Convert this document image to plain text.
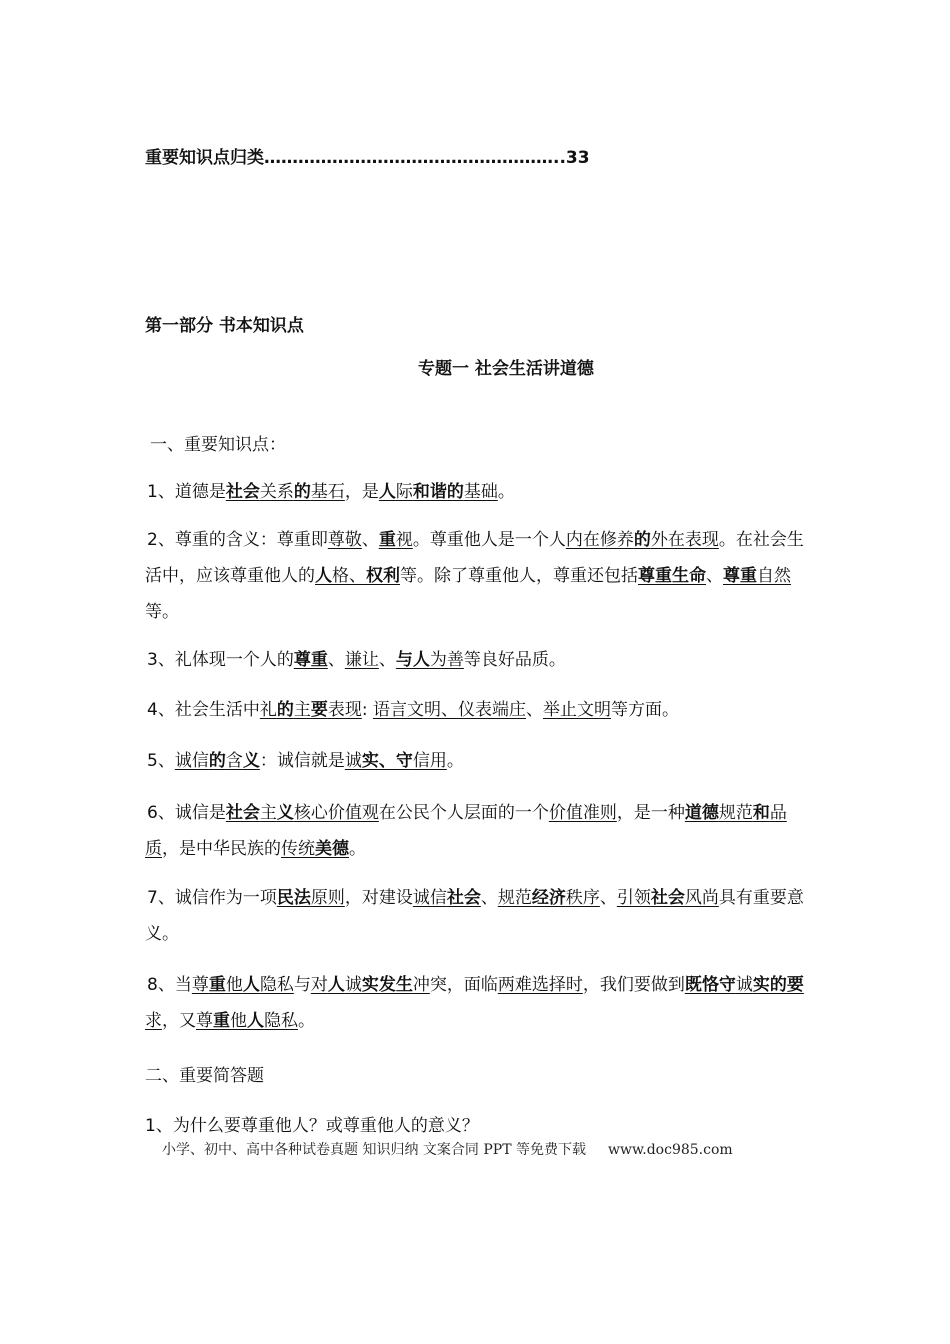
重要知识点归类……………………………………………..33
第一部分 书本知识点
专题一 社会生活讲道德
一、重要知识点：

1、道德是社会关系的基石，是人际和谐的基础。

2、尊重的含义：尊重即尊敬、重视。尊重他人是一个人内在修养的外在表现。在社会生活中，应该尊重他人的人格、权利等。除了尊重他人，尊重还包括尊重生命、尊重自然等。

3、礼体现一个人的尊重、谦让、与人为善等良好品质。

4、社会生活中礼的主要表现: 语言文明、仪表端庄、举止文明等方面。

5、诚信的含义：诚信就是诚实、守信用。

6、诚信是社会主义核心价值观在公民个人层面的一个价值准则，是一种道德规范和品质，是中华民族的传统美德。

7、诚信作为一项民法原则，对建设诚信社会、规范经济秩序、引领社会风尚具有重要意义。

8、当尊重他人隐私与对人诚实发生冲突，面临两难选择时，我们要做到既恪守诚实的要求，又尊重他人隐私。

二、重要简答题
1、为什么要尊重他人？或尊重他人的意义？
小学、初中、高中各种试卷真题 知识归纳 文案合同 PPT 等免费下载 www.doc985.com
